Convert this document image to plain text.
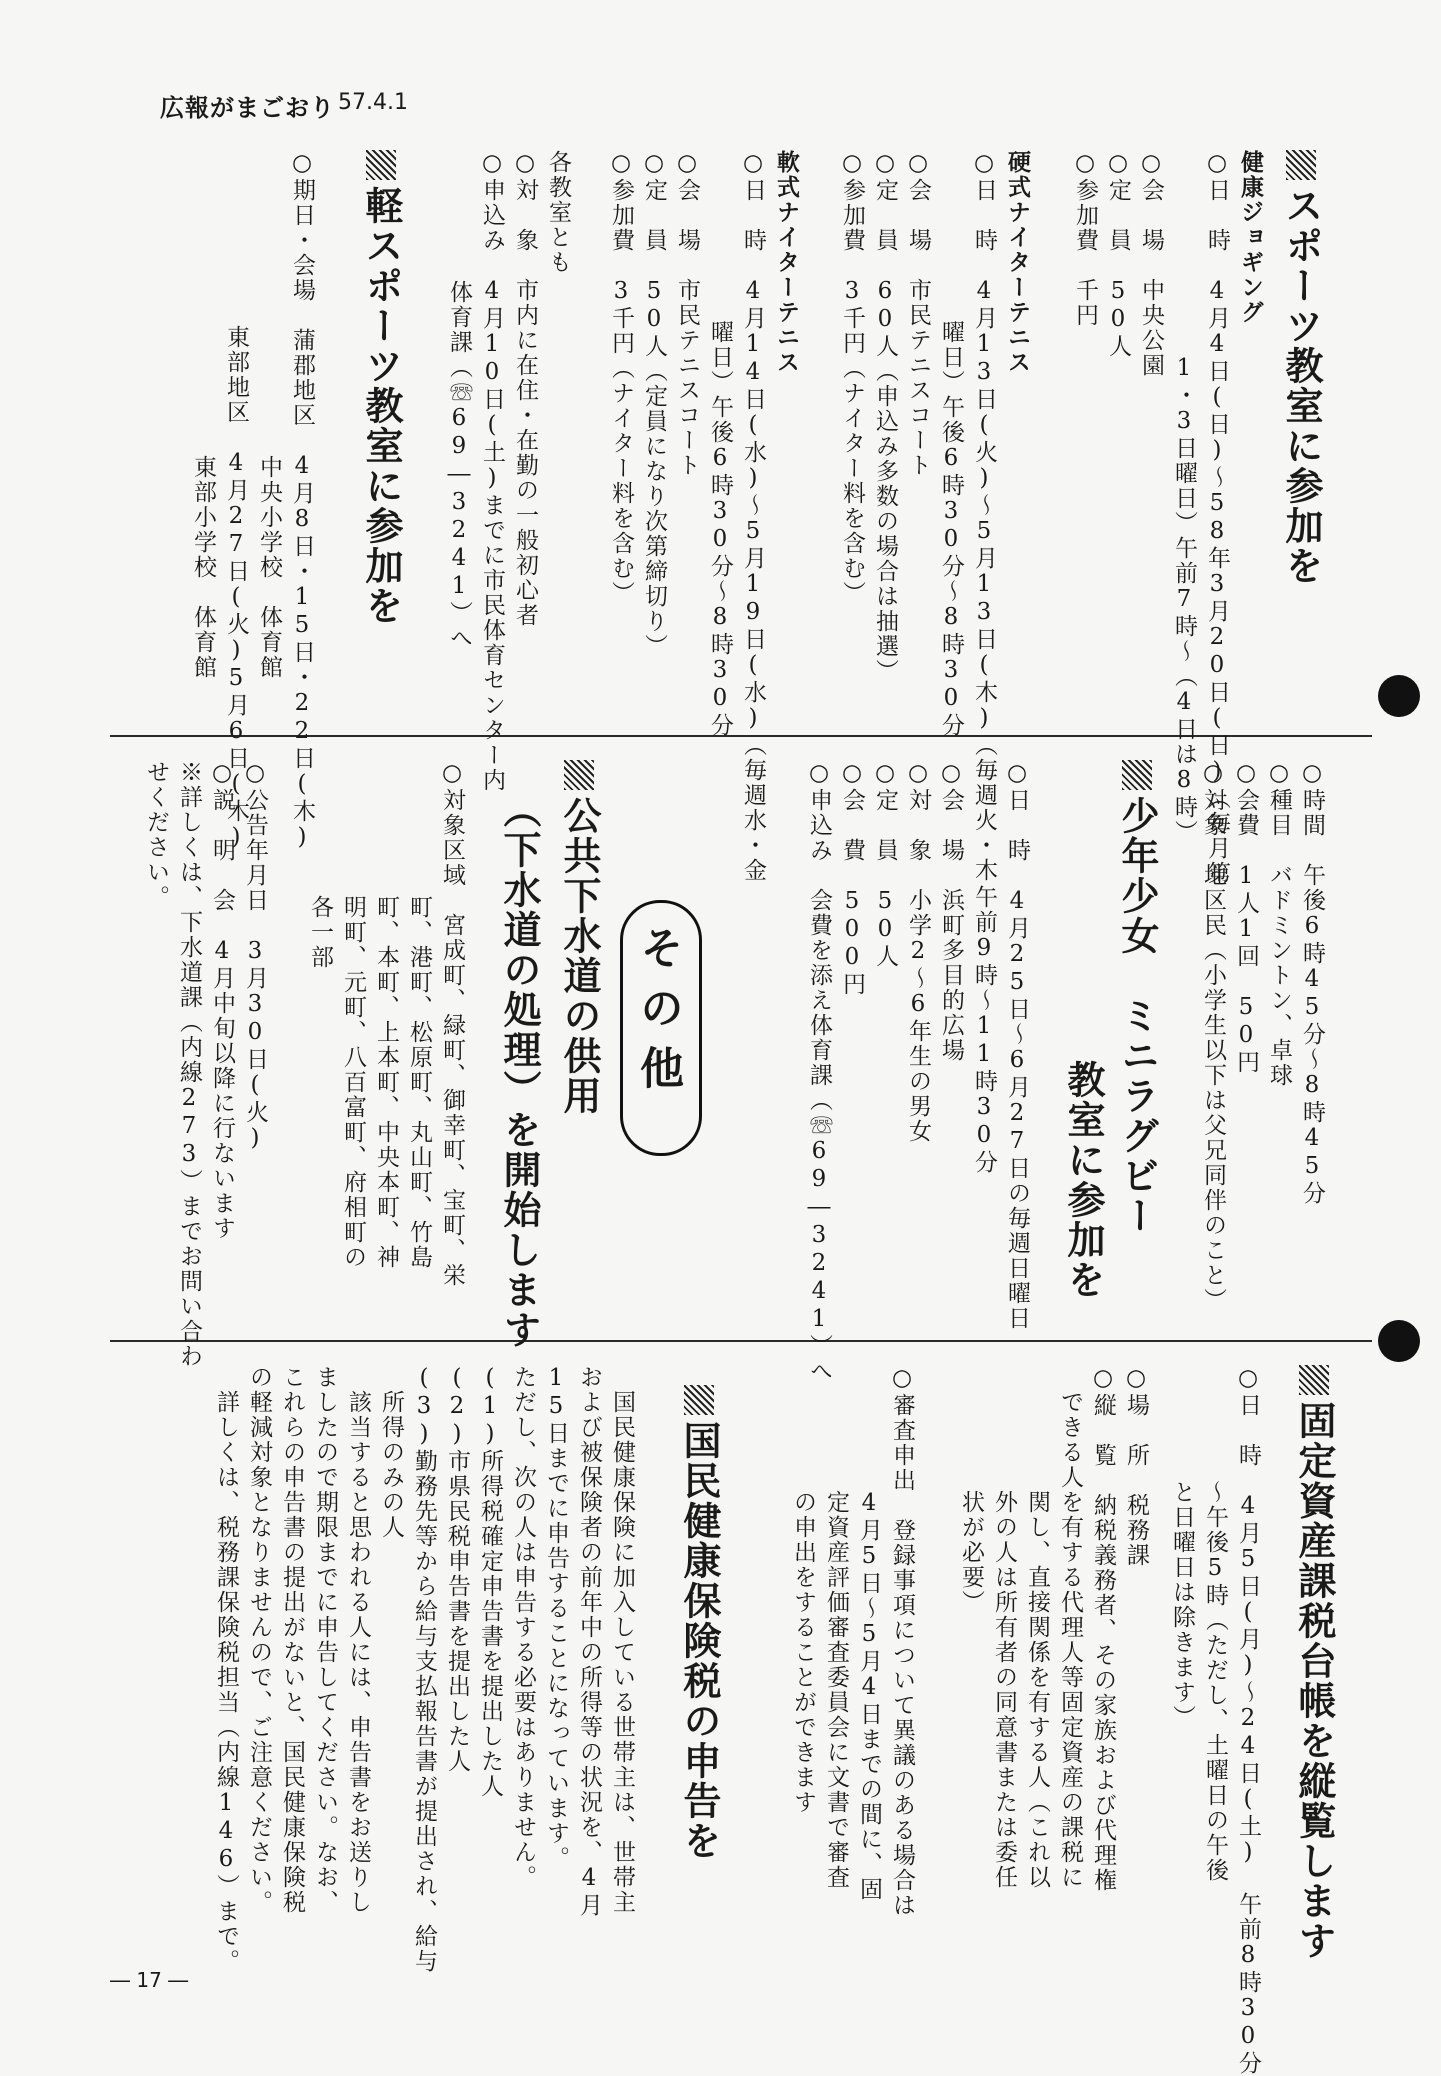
広報がまごおり 57.4.1
スポーツ教室に参加を
健康ジョギング
○日　時　4月4日(日)～58年3月20日(日)（毎月第
1・3日曜日）午前7時～（4日は8時）
○会　場　中央公園
○定　員　50人
○参加費　千円
硬式ナイターテニス
○日　時　4月13日(火)～5月13日(木)（毎週火・木
曜日）午後6時30分～8時30分
○会　場　市民テニスコート
○定　員　60人（申込み多数の場合は抽選）
○参加費　3千円（ナイター料を含む）
軟式ナイターテニス
○日　時　4月14日(水)～5月19日(水)（毎週水・金
曜日）午後6時30分～8時30分
○会　場　市民テニスコート
○定　員　50人（定員になり次第締切り）
○参加費　3千円（ナイター料を含む）
各教室とも
○対　象　市内に在住・在勤の一般初心者
○申込み　4月10日(土)までに市民体育センター内
体育課（☏69―3241）へ
軽スポーツ教室に参加を
○期日・会場　蒲郡地区　4月8日・15日・22日(木)
中央小学校　体育館
東部地区　4月27日(火)5月6日(木)
東部小学校　体育館
○時間　午後6時45分～8時45分
○種目　バドミントン、卓球
○会費　1人1回　50円
○対象　地区民（小学生以下は父兄同伴のこと）
少年少女　ミニラグビー
教室に参加を
○日　時　4月25日～6月27日の毎週日曜日
午前9時～11時30分
○会　場　浜町多目的広場
○対　象　小学2～6年生の男女
○定　員　50人
○会　費　500円
○申込み　会費を添え体育課（☏69―3241）へ
その他
公共下水道の供用
（下水道の処理）を開始します
○対象区域　宮成町、緑町、御幸町、宝町、栄
町、港町、松原町、丸山町、竹島
町、本町、上本町、中央本町、神
明町、元町、八百富町、府相町の
各一部
○公告年月日　3月30日(火)
○説　明　会　4月中旬以降に行ないます
※詳しくは、下水道課（内線273）までお問い合わ
せください。
固定資産課税台帳を縦覧します
○日　時　4月5日(月)～24日(土)　午前8時30分
～午後5時（ただし、土曜日の午後
と日曜日は除きます）
○場　所　税務課
○縦　覧　納税義務者、その家族および代理権
できる人
を有する代理人等固定資産の課税に
関し、直接関係を有する人（これ以
外の人は所有者の同意書または委任
状が必要）
○審査申出　登録事項について異議のある場合は
4月5日～5月4日までの間に、固
定資産評価審査委員会に文書で審査
の申出をすることができます
国民健康保険税の申告を
国民健康保険に加入している世帯主は、世帯主
および被保険者の前年中の所得等の状況を、4月
15日までに申告することになっています。
ただし、次の人は申告する必要はありません。
(1)所得税確定申告書を提出した人
(2)市県民税申告書を提出した人
(3)勤務先等から給与支払報告書が提出され、給与
所得のみの人
該当すると思われる人には、申告書をお送りし
ましたので期限までに申告してください。なお、
これらの申告書の提出がないと、国民健康保険税
の軽減対象となりませんので、ご注意ください。
詳しくは、税務課保険税担当（内線146）まで。
― 17 ―
